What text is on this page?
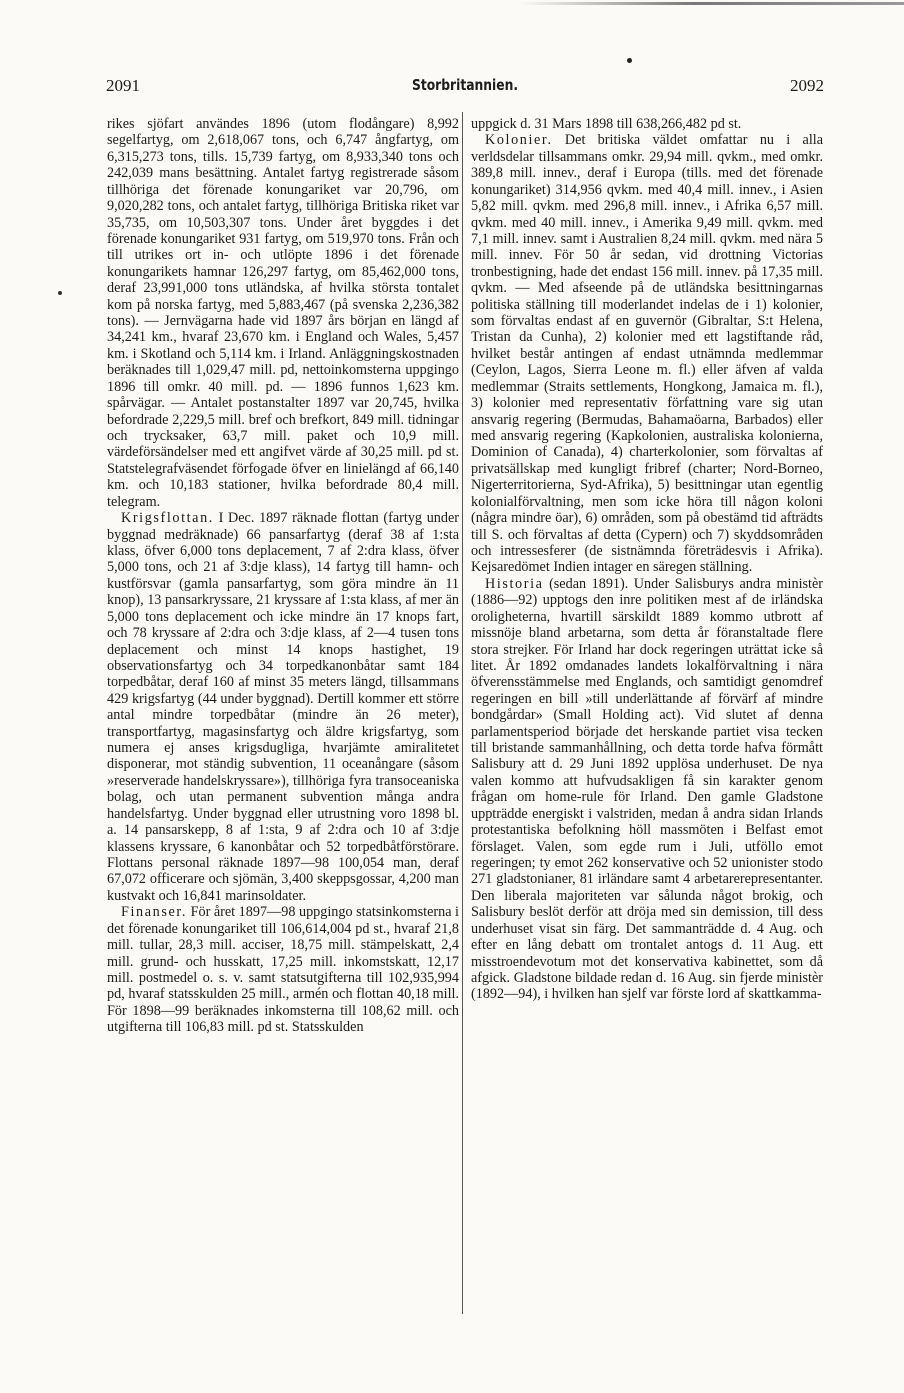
2091	Storbritannien.	2092

rikes sjöfart användes 1896 (utom flodångare) 8,992 segelfartyg, om 2,618,067 tons, och 6,747 ångfartyg, om 6,315,273 tons, tills. 15,739 fartyg, om 8,933,340 tons och 242,039 mans besättning. Antalet fartyg registrerade såsom tillhöriga det förenade konungariket var 20,796, om 9,020,282 tons, och antalet fartyg, tillhöriga Britiska riket var 35,735, om 10,503,307 tons. Under året byggdes i det förenade konungariket 931 fartyg, om 519,970 tons. Från och till utrikes ort in- och utlöpte 1896 i det förenade konungarikets hamnar 126,297 fartyg, om 85,462,000 tons, deraf 23,991,000 tons utländska, af hvilka största tontalet kom på norska fartyg, med 5,883,467 (på svenska 2,236,382 tons). — Jernvägarna hade vid 1897 års början en längd af 34,241 km., hvaraf 23,670 km. i England och Wales, 5,457 km. i Skotland och 5,114 km. i Irland. Anläggningskostnaden beräknades till 1,029,47 mill. pd, nettoinkomsterna uppgingo 1896 till omkr. 40 mill. pd. — 1896 funnos 1,623 km. spårvägar. — Antalet postanstalter 1897 var 20,745, hvilka befordrade 2,229,5 mill. bref och brefkort, 849 mill. tidningar och trycksaker, 63,7 mill. paket och 10,9 mill. värdeförsändelser med ett angifvet värde af 30,25 mill. pd st. Statstelegrafväsendet förfogade öfver en linielängd af 66,140 km. och 10,183 stationer, hvilka befordrade 80,4 mill. telegram.

Krigsflottan. I Dec. 1897 räknade flottan (fartyg under byggnad medräknade) 66 pansarfartyg (deraf 38 af 1:sta klass, öfver 6,000 tons deplacement, 7 af 2:dra klass, öfver 5,000 tons, och 21 af 3:dje klass), 14 fartyg till hamn- och kustförsvar (gamla pansarfartyg, som göra mindre än 11 knop), 13 pansarkryssare, 21 kryssare af 1:sta klass, af mer än 5,000 tons deplacement och icke mindre än 17 knops fart, och 78 kryssare af 2:dra och 3:dje klass, af 2—4 tusen tons deplacement och minst 14 knops hastighet, 19 observationsfartyg och 34 torpedkanonbåtar samt 184 torpedbåtar, deraf 160 af minst 35 meters längd, tillsammans 429 krigsfartyg (44 under byggnad). Dertill kommer ett större antal mindre torpedbåtar (mindre än 26 meter), transportfartyg, magasinsfartyg och äldre krigsfartyg, som numera ej anses krigsdugliga, hvarjämte amiralitetet disponerar, mot ständig subvention, 11 oceanångare (såsom »reserverade handelskryssare»), tillhöriga fyra transoceaniska bolag, och utan permanent subvention många andra handelsfartyg. Under byggnad eller utrustning voro 1898 bl. a. 14 pansarskepp, 8 af 1:sta, 9 af 2:dra och 10 af 3:dje klassens kryssare, 6 kanonbåtar och 52 torpedbåtförstörare. Flottans personal räknade 1897—98 100,054 man, deraf 67,072 officerare och sjömän, 3,400 skeppsgossar, 4,200 man kustvakt och 16,841 marinsoldater.

Finanser. För året 1897—98 uppgingo statsinkomsterna i det förenade konungariket till 106,614,004 pd st., hvaraf 21,8 mill. tullar, 28,3 mill. acciser, 18,75 mill. stämpelskatt, 2,4 mill. grund- och husskatt, 17,25 mill. inkomstskatt, 12,17 mill. postmedel o. s. v. samt statsutgifterna till 102,935,994 pd, hvaraf statsskulden 25 mill., armén och flottan 40,18 mill. För 1898—99 beräknades inkomsterna till 108,62 mill. och utgifterna till 106,83 mill. pd st. Statsskulden

uppgick d. 31 Mars 1898 till 638,266,482 pd st.

Kolonier. Det britiska väldet omfattar nu i alla verldsdelar tillsammans omkr. 29,94 mill. qvkm., med omkr. 389,8 mill. innev., deraf i Europa (tills. med det förenade konungariket) 314,956 qvkm. med 40,4 mill. innev., i Asien 5,82 mill. qvkm. med 296,8 mill. innev., i Afrika 6,57 mill. qvkm. med 40 mill. innev., i Amerika 9,49 mill. qvkm. med 7,1 mill. innev. samt i Australien 8,24 mill. qvkm. med nära 5 mill. innev. För 50 år sedan, vid drottning Victorias tronbestigning, hade det endast 156 mill. innev. på 17,35 mill. qvkm. — Med afseende på de utländska besittningarnas politiska ställning till moderlandet indelas de i 1) kolonier, som förvaltas endast af en guvernör (Gibraltar, S:t Helena, Tristan da Cunha), 2) kolonier med ett lagstiftande råd, hvilket består antingen af endast utnämnda medlemmar (Ceylon, Lagos, Sierra Leone m. fl.) eller äfven af valda medlemmar (Straits settlements, Hongkong, Jamaica m. fl.), 3) kolonier med representativ författning vare sig utan ansvarig regering (Bermudas, Bahamaöarna, Barbados) eller med ansvarig regering (Kapkolonien, australiska kolonierna, Dominion of Canada), 4) charterkolonier, som förvaltas af privatsällskap med kungligt fribref (charter; Nord-Borneo, Nigerterritorierna, Syd-Afrika), 5) besittningar utan egentlig kolonialförvaltning, men som icke höra till någon koloni (några mindre öar), 6) områden, som på obestämd tid afträdts till S. och förvaltas af detta (Cypern) och 7) skyddsområden och intressesferer (de sistnämnda företrädesvis i Afrika). Kejsaredömet Indien intager en säregen ställning.

Historia (sedan 1891). Under Salisburys andra ministèr (1886—92) upptogs den inre politiken mest af de irländska oroligheterna, hvartill särskildt 1889 kommo utbrott af missnöje bland arbetarna, som detta år föranstaltade flere stora strejker. För Irland har dock regeringen uträttat icke så litet. År 1892 omdanades landets lokalförvaltning i nära öfverensstämmelse med Englands, och samtidigt genomdref regeringen en bill »till underlättande af förvärf af mindre bondgårdar» (Small Holding act). Vid slutet af denna parlamentsperiod började det herskande partiet visa tecken till bristande sammanhållning, och detta torde hafva förmått Salisbury att d. 29 Juni 1892 upplösa underhuset. De nya valen kommo att hufvudsakligen få sin karakter genom frågan om home-rule för Irland. Den gamle Gladstone uppträdde energiskt i valstriden, medan å andra sidan Irlands protestantiska befolkning höll massmöten i Belfast emot förslaget. Valen, som egde rum i Juli, utföllo emot regeringen; ty emot 262 konservative och 52 unionister stodo 271 gladstonianer, 81 irländare samt 4 arbetarerepresentanter. Den liberala majoriteten var sålunda något brokig, och Salisbury beslöt derför att dröja med sin demission, till dess underhuset visat sin färg. Det sammanträdde d. 4 Aug. och efter en lång debatt om trontalet antogs d. 11 Aug. ett misstroendevotum mot det konservativa kabinettet, som då afgick. Gladstone bildade redan d. 16 Aug. sin fjerde ministèr (1892—94), i hvilken han sjelf var förste lord af skattkamma-
